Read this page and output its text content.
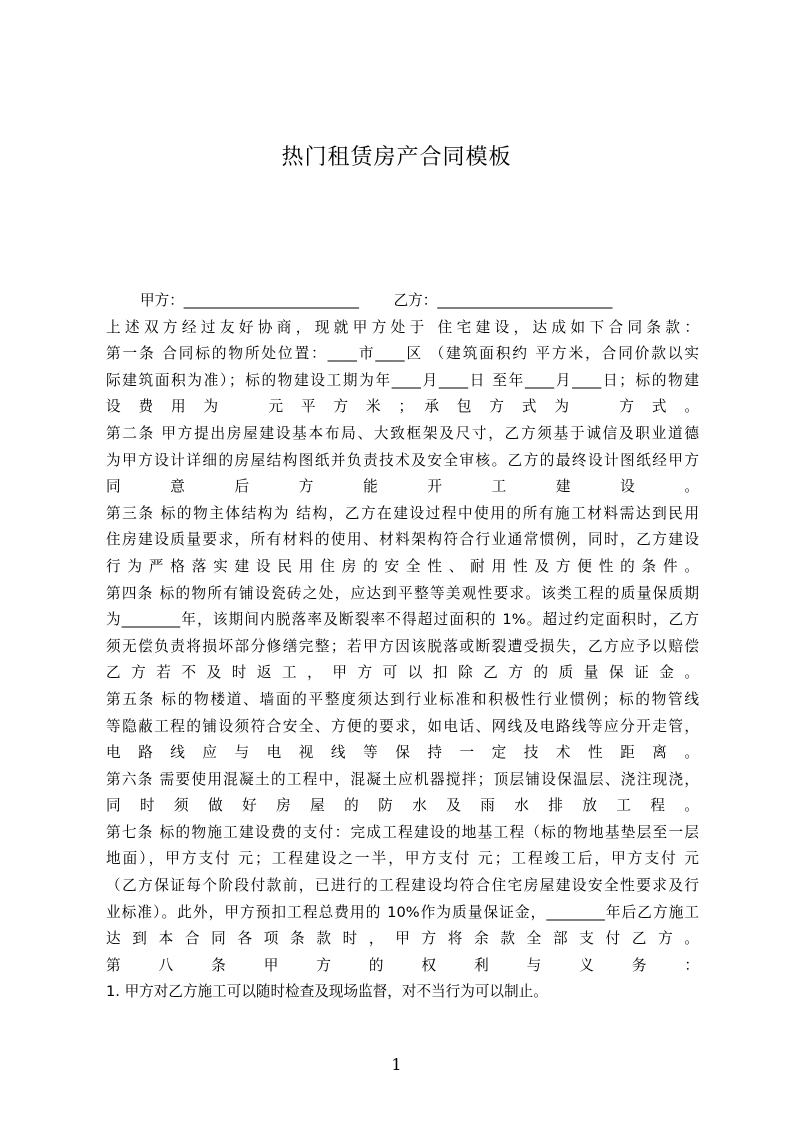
热门租赁房产合同模板
甲方：________________________ 乙方：________________________
上述双方经过友好协商，现就甲方处于 住宅建设，达成如下合同条款：
第一条 合同标的物所处位置：____市____区 （建筑面积约 平方米，合同价款以实
际建筑面积为准）；标的物建设工期为年____月____日 至年____月____日；标的物建
设 费 用 为 　 元 平 方 米 ； 承 包 方 式 为 　 方 式 。
第二条 甲方提出房屋建设基本布局、大致框架及尺寸，乙方须基于诚信及职业道德
为甲方设计详细的房屋结构图纸并负责技术及安全审核。乙方的最终设计图纸经甲方
同 意 后 方 能 开 工 建 设 。
第三条 标的物主体结构为 结构，乙方在建设过程中使用的所有施工材料需达到民用
住房建设质量要求，所有材料的使用、材料架构符合行业通常惯例，同时，乙方建设
行为严格落实建设民用住房的安全性、耐用性及方便性的条件。
第四条 标的物所有铺设瓷砖之处，应达到平整等美观性要求。该类工程的质量保质期
为________年，该期间内脱落率及断裂率不得超过面积的 1%。超过约定面积时，乙方
须无偿负责将损坏部分修缮完整；若甲方因该脱落或断裂遭受损失，乙方应予以赔偿
乙 方 若 不 及 时 返 工 ， 甲 方 可 以 扣 除 乙 方 的 质 量 保 证 金 。
第五条 标的物楼道、墙面的平整度须达到行业标准和积极性行业惯例；标的物管线
等隐蔽工程的铺设须符合安全、方便的要求，如电话、网线及电路线等应分开走管，
电 路 线 应 与 电 视 线 等 保 持 一 定 技 术 性 距 离 。
第六条 需要使用混凝土的工程中，混凝土应机器搅拌；顶层铺设保温层、浇注现浇，
同 时 须 做 好 房 屋 的 防 水 及 雨 水 排 放 工 程 。
第七条 标的物施工建设费的支付：完成工程建设的地基工程（标的物地基垫层至一层
地面），甲方支付 元；工程建设之一半，甲方支付 元；工程竣工后，甲方支付 元
（乙方保证每个阶段付款前，已进行的工程建设均符合住宅房屋建设安全性要求及行
业标准）。此外，甲方预扣工程总费用的 10%作为质量保证金，________年后乙方施工
达 到 本 合 同 各 项 条 款 时 ， 甲 方 将 余 款 全 部 支 付 乙 方 。
第 八 条 甲 方 的 权 利 与 义 务 ：
1. 甲方对乙方施工可以随时检查及现场监督，对不当行为可以制止。
1
